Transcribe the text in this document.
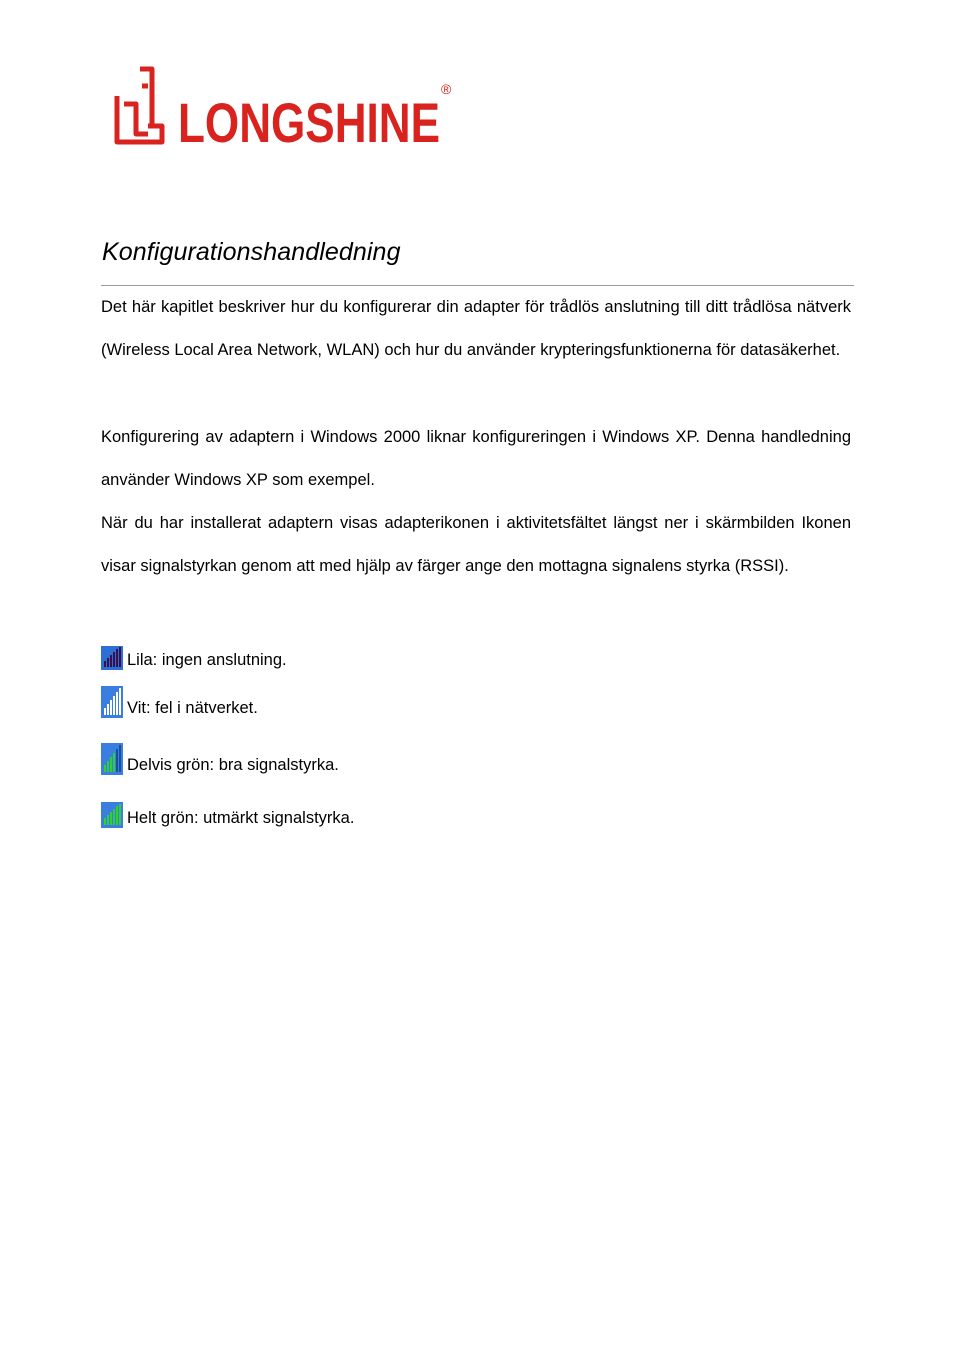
LONGSHINE
®
Konfigurationshandledning

Det här kapitlet beskriver hur du konfigurerar din adapter för trådlös anslutning till ditt trådlösa nätverk (Wireless Local Area Network, WLAN) och hur du använder krypteringsfunktionerna för datasäkerhet.

Konfigurering av adaptern i Windows 2000 liknar konfigureringen i Windows XP. Denna handledning använder Windows XP som exempel.

När du har installerat adaptern visas adapterikonen i aktivitetsfältet längst ner i skärmbilden Ikonen visar signalstyrkan genom att med hjälp av färger ange den mottagna signalens styrka (RSSI).

Lila: ingen anslutning.
Vit: fel i nätverket.
Delvis grön: bra signalstyrka.
Helt grön: utmärkt signalstyrka.
